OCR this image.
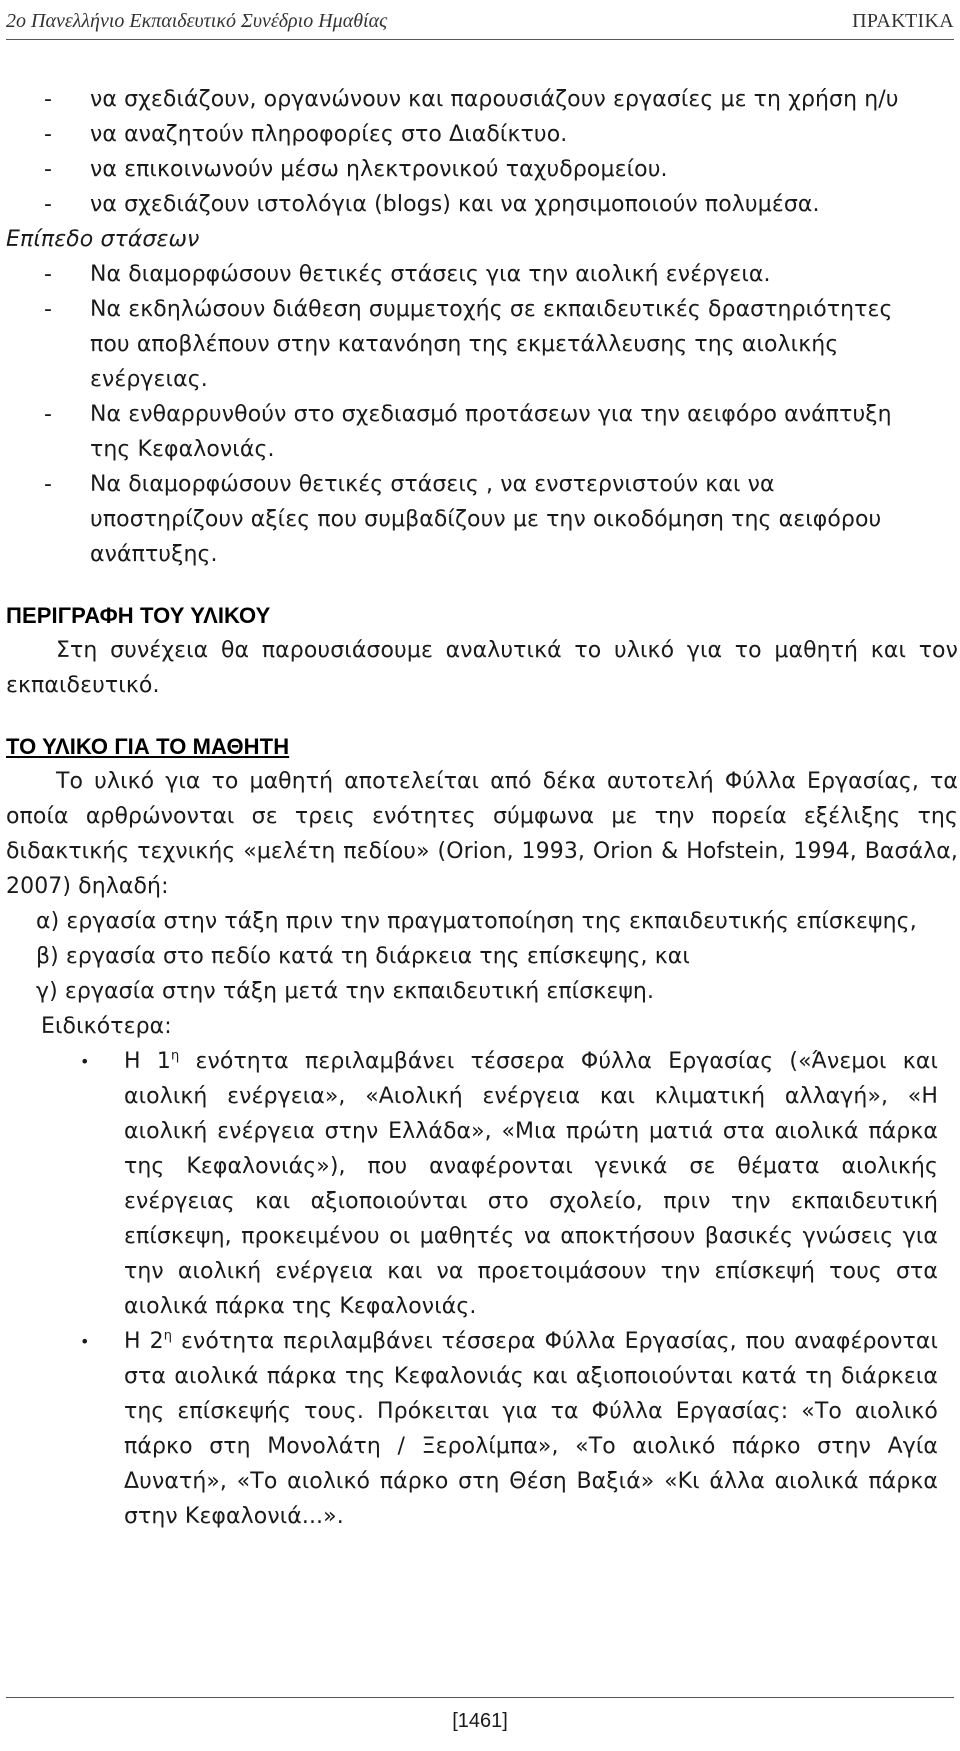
2ο Πανελλήνιο Εκπαιδευτικό Συνέδριο Ημαθίας	ΠΡΑΚΤΙΚΑ
-	να σχεδιάζουν, οργανώνουν και παρουσιάζουν εργασίες με τη χρήση η/υ
-	να αναζητούν πληροφορίες στο Διαδίκτυο.
-	να επικοινωνούν μέσω ηλεκτρονικού ταχυδρομείου.
-	να σχεδιάζουν ιστολόγια (blogs) και να χρησιμοποιούν πολυμέσα.
Επίπεδο στάσεων
-	Να διαμορφώσουν θετικές στάσεις για την αιολική ενέργεια.
-	Να εκδηλώσουν διάθεση συμμετοχής σε εκπαιδευτικές δραστηριότητες που αποβλέπουν στην κατανόηση της εκμετάλλευσης της αιολικής ενέργειας.
-	Να ενθαρρυνθούν στο σχεδιασμό προτάσεων για την αειφόρο ανάπτυξη της Κεφαλονιάς.
-	Να διαμορφώσουν θετικές στάσεις , να ενστερνιστούν και να υποστηρίζουν αξίες που συμβαδίζουν με την οικοδόμηση της αειφόρου ανάπτυξης.
ΠΕΡΙΓΡΑΦΗ ΤΟΥ ΥΛΙΚΟΥ
Στη συνέχεια θα παρουσιάσουμε αναλυτικά το υλικό για το μαθητή και τον εκπαιδευτικό.
ΤΟ ΥΛΙΚΟ ΓΙΑ ΤΟ ΜΑΘΗΤΗ
Το υλικό για το μαθητή αποτελείται από δέκα αυτοτελή Φύλλα Εργασίας, τα οποία αρθρώνονται σε τρεις ενότητες σύμφωνα με την πορεία εξέλιξης της διδακτικής τεχνικής «μελέτη πεδίου» (Orion, 1993, Orion & Hofstein, 1994, Βασάλα, 2007) δηλαδή:
α) εργασία στην τάξη πριν την πραγματοποίηση της εκπαιδευτικής επίσκεψης,
β) εργασία στο πεδίο κατά τη διάρκεια της επίσκεψης, και
γ) εργασία στην τάξη μετά την εκπαιδευτική επίσκεψη.
Ειδικότερα:
•	Η $1^\eta$ ενότητα περιλαμβάνει τέσσερα Φύλλα Εργασίας («Άνεμοι και αιολική ενέργεια», «Αιολική ενέργεια και κλιματική αλλαγή», «Η αιολική ενέργεια στην Ελλάδα», «Μια πρώτη ματιά στα αιολικά πάρκα της Κεφαλονιάς»), που αναφέρονται γενικά σε θέματα αιολικής ενέργειας και αξιοποιούνται στο σχολείο, πριν την εκπαιδευτική επίσκεψη, προκειμένου οι μαθητές να αποκτήσουν βασικές γνώσεις για την αιολική ενέργεια και να προετοιμάσουν την επίσκεψή τους στα αιολικά πάρκα της Κεφαλονιάς.
•	Η $2^\eta$ ενότητα περιλαμβάνει τέσσερα Φύλλα Εργασίας, που αναφέρονται στα αιολικά πάρκα της Κεφαλονιάς και αξιοποιούνται κατά τη διάρκεια της επίσκεψής τους. Πρόκειται για τα Φύλλα Εργασίας: «Το αιολικό πάρκο στη Μονολάτη / Ξερολίμπα», «Το αιολικό πάρκο στην Αγία Δυνατή», «Το αιολικό πάρκο στη Θέση Βαξιά» «Κι άλλα αιολικά πάρκα στην Κεφαλονιά...».
[1461]
